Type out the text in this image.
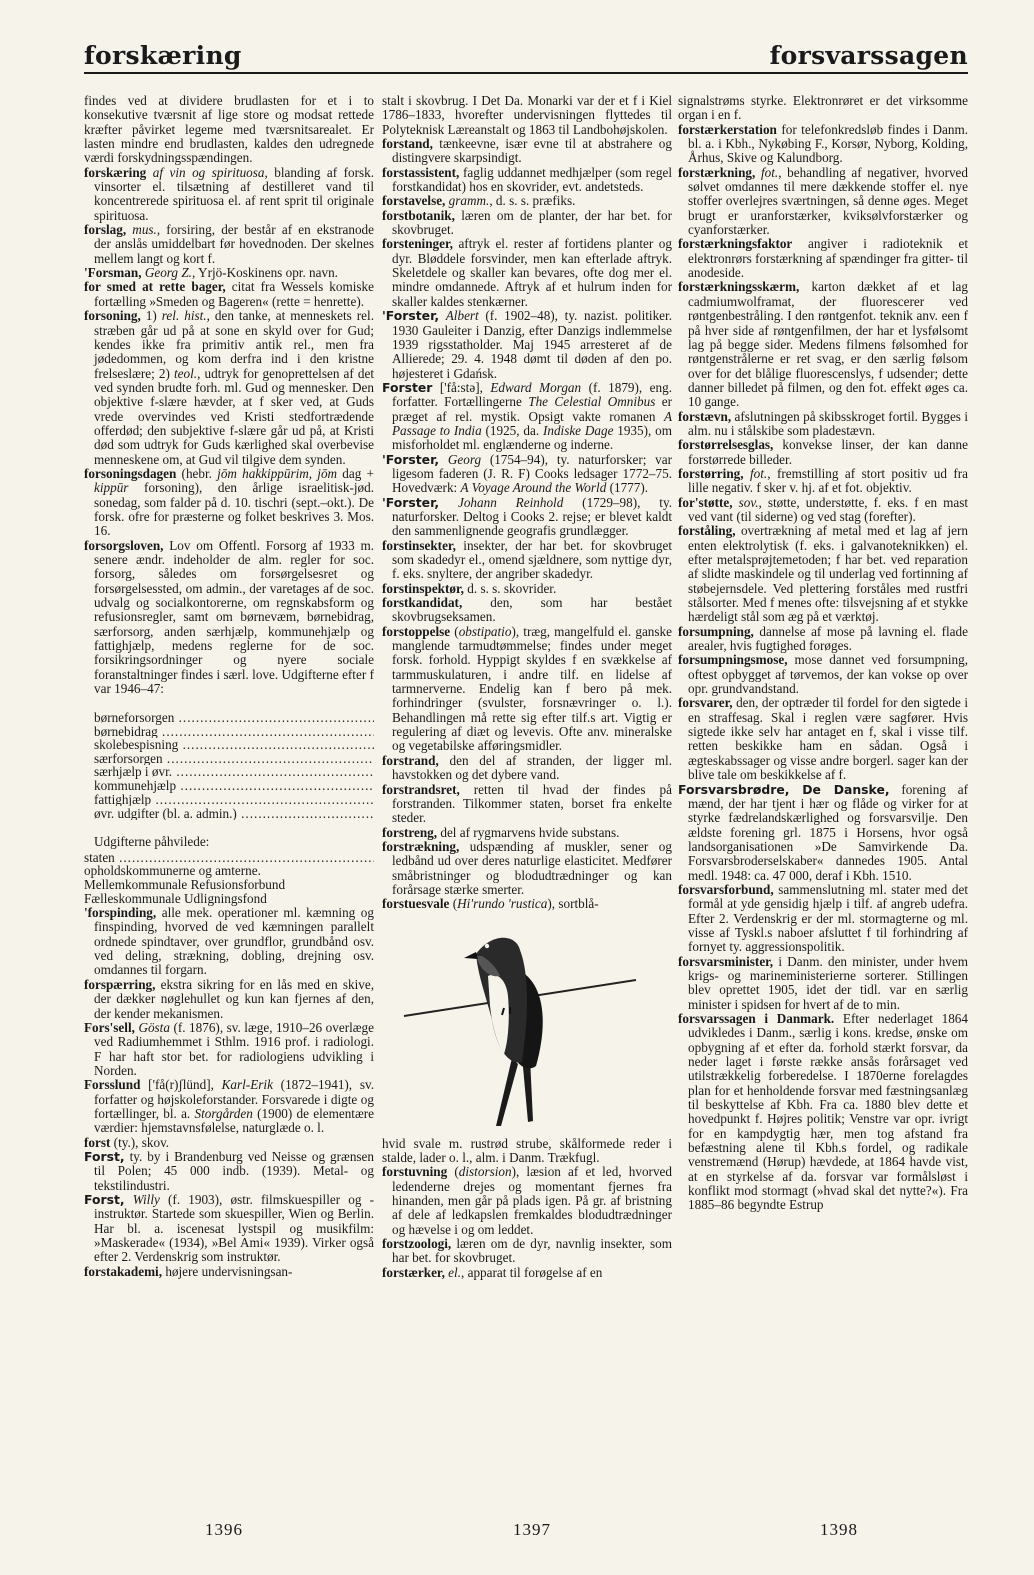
forskæring	forsvarssagen

findes ved at dividere brudlasten for et i to konsekutive tværsnit af lige store og modsat rettede kræfter påvirket legeme med tværsnitsarealet. Er lasten mindre end brudlasten, kaldes den udregnede værdi forskydningsspændingen.

forskæring af vin og spirituosa, blanding af forsk. vinsorter el. tilsætning af destilleret vand til koncentrerede spirituosa el. af rent sprit til originale spirituosa.

forslag, mus., forsiring, der består af en ekstranode der anslås umiddelbart før hovednoden. Der skelnes mellem langt og kort f.

'Forsman, Georg Z., Yrjö-Koskinens opr. navn.

for smed at rette bager, citat fra Wessels komiske fortælling »Smeden og Bageren« (rette = henrette).

forsoning, 1) rel. hist., den tanke, at menneskets rel. stræben går ud på at sone en skyld over for Gud; kendes ikke fra primitiv antik rel., men fra jødedommen, og kom derfra ind i den kristne frelseslære; 2) teol., udtryk for genoprettelsen af det ved synden brudte forh. ml. Gud og mennesker. Den objektive f-slære hævder, at f sker ved, at Guds vrede overvindes ved Kristi stedfortrædende offerdød; den subjektive f-slære går ud på, at Kristi død som udtryk for Guds kærlighed skal overbevise menneskene om, at Gud vil tilgive dem synden.

forsoningsdagen (hebr. jōm hakkippūrim, jōm dag + kippūr forsoning), den årlige israelitisk-jød. sonedag, som falder på d. 10. tischri (sept.–okt.). De forsk. ofre for præsterne og folket beskrives 3. Mos. 16.

forsorgsloven, Lov om Offentl. Forsorg af 1933 m. senere ændr. indeholder de alm. regler for soc. forsorg, således om forsørgelsesret og forsørgelsessted, om admin., der varetages af de soc. udvalg og socialkontorerne, om regnskabsform og refusionsregler, samt om børnevæm, børnebidrag, særforsorg, anden særhjælp, kommunehjælp og fattighjælp, medens reglerne for de soc. forsikringsordninger og nyere sociale foranstaltninger findes i særl. love. Udgifterne efter f var 1946–47:

børneforsorgen .....	
børnebidrag .....	
skolebespisning .....	
særforsorgen .....	
særhjælp i øvr. .....	
kommunehjælp .....	
fattighjælp .....	
øvr. udgifter (bl. a. admin.) .....	

Udgifterne påhvilede:

staten .....	
opholdskommunerne og amterne.	
Mellemkommunale Refusionsforbund	
Fælleskommunale Udligningsfond	

'forspinding, alle mek. operationer ml. kæmning og finspinding, hvorved de ved kæmningen parallelt ordnede spindtaver, over grundflor, grundbånd osv. ved deling, strækning, dobling, drejning osv. omdannes til forgarn.

forspærring, ekstra sikring for en lås med en skive, der dækker nøglehullet og kun kan fjernes af den, der kender mekanismen.

Fors'sell, Gösta (f. 1876), sv. læge, 1910–26 overlæge ved Radiumhemmet i Sthlm. 1916 prof. i radiologi. F har haft stor bet. for radiologiens udvikling i Norden.

Forsslund ['få(r)ʃlünd], Karl-Erik (1872–1941), sv. forfatter og højskoleforstander. Forsvarede i digte og fortællinger, bl. a. Storgården (1900) de elementære værdier: hjemstavnsfølelse, naturglæde o. l.

forst (ty.), skov.

Forst, ty. by i Brandenburg ved Neisse og grænsen til Polen; 45 000 indb. (1939). Metal- og tekstilindustri.

Forst, Willy (f. 1903), østr. filmskuespiller og -instruktør. Startede som skuespiller, Wien og Berlin. Har bl. a. iscenesat lystspil og musikfilm: »Maskerade« (1934), »Bel Ami« 1939). Virker også efter 2. Verdenskrig som instruktør.

forstakademi, højere undervisningsan-

stalt i skovbrug. I Det Da. Monarki var der et f i Kiel 1786–1833, hvorefter undervisningen flyttedes til Polyteknisk Læreanstalt og 1863 til Landbohøjskolen.

forstand, tænkeevne, især evne til at abstrahere og distingvere skarpsindigt.

forstassistent, faglig uddannet medhjælper (som regel forstkandidat) hos en skovrider, evt. andetsteds.

forstavelse, gramm., d. s. s. præfiks.

forstbotanik, læren om de planter, der har bet. for skovbruget.

forsteninger, aftryk el. rester af fortidens planter og dyr. Bløddele forsvinder, men kan efterlade aftryk. Skeletdele og skaller kan bevares, ofte dog mer el. mindre omdannede. Aftryk af et hulrum inden for skaller kaldes stenkærner.

'Forster, Albert (f. 1902–48), ty. nazist. politiker. 1930 Gauleiter i Danzig, efter Danzigs indlemmelse 1939 rigsstatholder. Maj 1945 arresteret af de Allierede; 29. 4. 1948 dømt til døden af den po. højesteret i Gdańsk.

Forster ['få:stə], Edward Morgan (f. 1879), eng. forfatter. Fortællingerne The Celestial Omnibus er præget af rel. mystik. Opsigt vakte romanen A Passage to India (1925, da. Indiske Dage 1935), om misforholdet ml. englænderne og inderne.

'Forster, Georg (1754–94), ty. naturforsker; var ligesom faderen (J. R. F) Cooks ledsager 1772–75. Hovedværk: A Voyage Around the World (1777).

'Forster, Johann Reinhold (1729–98), ty. naturforsker. Deltog i Cooks 2. rejse; er blevet kaldt den sammenlignende geografis grundlægger.

forstinsekter, insekter, der har bet. for skovbruget som skadedyr el., omend sjældnere, som nyttige dyr, f. eks. snyltere, der angriber skadedyr.

forstinspektør, d. s. s. skovrider.

forstkandidat, den, som har bestået skovbrugseksamen.

forstoppelse (obstipatio), træg, mangelfuld el. ganske manglende tarmudtømmelse; findes under meget forsk. forhold. Hyppigt skyldes f en svækkelse af tarmmuskulaturen, i andre tilf. en lidelse af tarmnerverne. Endelig kan f bero på mek. forhindringer (svulster, forsnævringer o. l.). Behandlingen må rette sig efter tilf.s art. Vigtig er regulering af diæt og levevis. Ofte anv. mineralske og vegetabilske afføringsmidler.

forstrand, den del af stranden, der ligger ml. havstokken og det dybere vand.

forstrandsret, retten til hvad der findes på forstranden. Tilkommer staten, borset fra enkelte steder.

forstreng, del af rygmarvens hvide substans.

forstrækning, udspænding af muskler, sener og ledbånd ud over deres naturlige elasticitet. Medfører småbristninger og blodudtrædninger og kan forårsage stærke smerter.

forstuesvale (Hi'rundo 'rustica), sortblå-

hvid svale m. rustrød strube, skålformede reder i stalde, lader o. l., alm. i Danm. Trækfugl.

forstuvning (distorsion), læsion af et led, hvorved ledenderne drejes og momentant fjernes fra hinanden, men går på plads igen. På gr. af bristning af dele af ledkapslen fremkaldes blodudtrædninger og hævelse i og om leddet.

forstzoologi, læren om de dyr, navnlig insekter, som har bet. for skovbruget.

forstærker, el., apparat til forøgelse af en

signalstrøms styrke. Elektronrøret er det virksomme organ i en f.

forstærkerstation for telefonkredsløb findes i Danm. bl. a. i Kbh., Nykøbing F., Korsør, Nyborg, Kolding, Århus, Skive og Kalundborg.

forstærkning, fot., behandling af negativer, hvorved sølvet omdannes til mere dækkende stoffer el. nye stoffer overlejres sværtningen, så denne øges. Meget brugt er uranforstærker, kviksølvforstærker og cyanforstærker.

forstærkningsfaktor angiver i radioteknik et elektronrørs forstærkning af spændinger fra gitter- til anodeside.

forstærkningsskærm, karton dækket af et lag cadmiumwolframat, der fluorescerer ved røntgenbestråling. I den røntgenfot. teknik anv. een f på hver side af røntgenfilmen, der har et lysfølsomt lag på begge sider. Medens filmens følsomhed for røntgenstrålerne er ret svag, er den særlig følsom over for det blålige fluorescenslys, f udsender; dette danner billedet på filmen, og den fot. effekt øges ca. 10 gange.

forstævn, afslutningen på skibsskroget fortil. Bygges i alm. nu i stålskibe som pladestævn.

forstørrelsesglas, konvekse linser, der kan danne forstørrede billeder.

forstørring, fot., fremstilling af stort positiv ud fra lille negativ. f sker v. hj. af et fot. objektiv.

for'støtte, sov., støtte, understøtte, f. eks. f en mast ved vant (til siderne) og ved stag (forefter).

forståling, overtrækning af metal med et lag af jern enten elektrolytisk (f. eks. i galvanoteknikken) el. efter metalsprøjtemetoden; f har bet. ved reparation af slidte maskindele og til underlag ved fortinning af støbejernsdele. Ved plettering forståles med rustfri stålsorter. Med f menes ofte: tilsvejsning af et stykke hærdeligt stål som æg på et værktøj.

forsumpning, dannelse af mose på lavning el. flade arealer, hvis fugtighed forøges.

forsumpningsmose, mose dannet ved forsumpning, oftest opbygget af tørvemos, der kan vokse op over opr. grundvandstand.

forsvarer, den, der optræder til fordel for den sigtede i en straffesag. Skal i reglen være sagfører. Hvis sigtede ikke selv har antaget en f, skal i visse tilf. retten beskikke ham en sådan. Også i ægteskabssager og visse andre borgerl. sager kan der blive tale om beskikkelse af f.

Forsvarsbrødre, De Danske, forening af mænd, der har tjent i hær og flåde og virker for at styrke fædrelandskærlighed og forsvarsvilje. Den ældste forening grl. 1875 i Horsens, hvor også landsorganisationen »De Samvirkende Da. Forsvarsbroderselskaber« dannedes 1905. Antal medl. 1948: ca. 47 000, deraf i Kbh. 1510.

forsvarsforbund, sammenslutning ml. stater med det formål at yde gensidig hjælp i tilf. af angreb udefra. Efter 2. Verdenskrig er der ml. stormagterne og ml. visse af Tyskl.s naboer afsluttet f til forhindring af fornyet ty. aggressionspolitik.

forsvarsminister, i Danm. den minister, under hvem krigs- og marineministerierne sorterer. Stillingen blev oprettet 1905, idet der tidl. var en særlig minister i spidsen for hvert af de to min.

forsvarssagen i Danmark. Efter nederlaget 1864 udvikledes i Danm., særlig i kons. kredse, ønske om opbygning af et efter da. forhold stærkt forsvar, da neder laget i første række ansås forårsaget ved utilstrækkelig forberedelse. I 1870erne forelagdes plan for et henholdende forsvar med fæstningsanlæg til beskyttelse af Kbh. Fra ca. 1880 blev dette et hovedpunkt f. Højres politik; Venstre var opr. ivrigt for en kampdygtig hær, men tog afstand fra befæstning alene til Kbh.s fordel, og radikale venstremænd (Hørup) hævdede, at 1864 havde vist, at en styrkelse af da. forsvar var formålsløst i konflikt mod stormagt (»hvad skal det nytte?«). Fra 1885–86 begyndte Estrup

1396	1397	1398
